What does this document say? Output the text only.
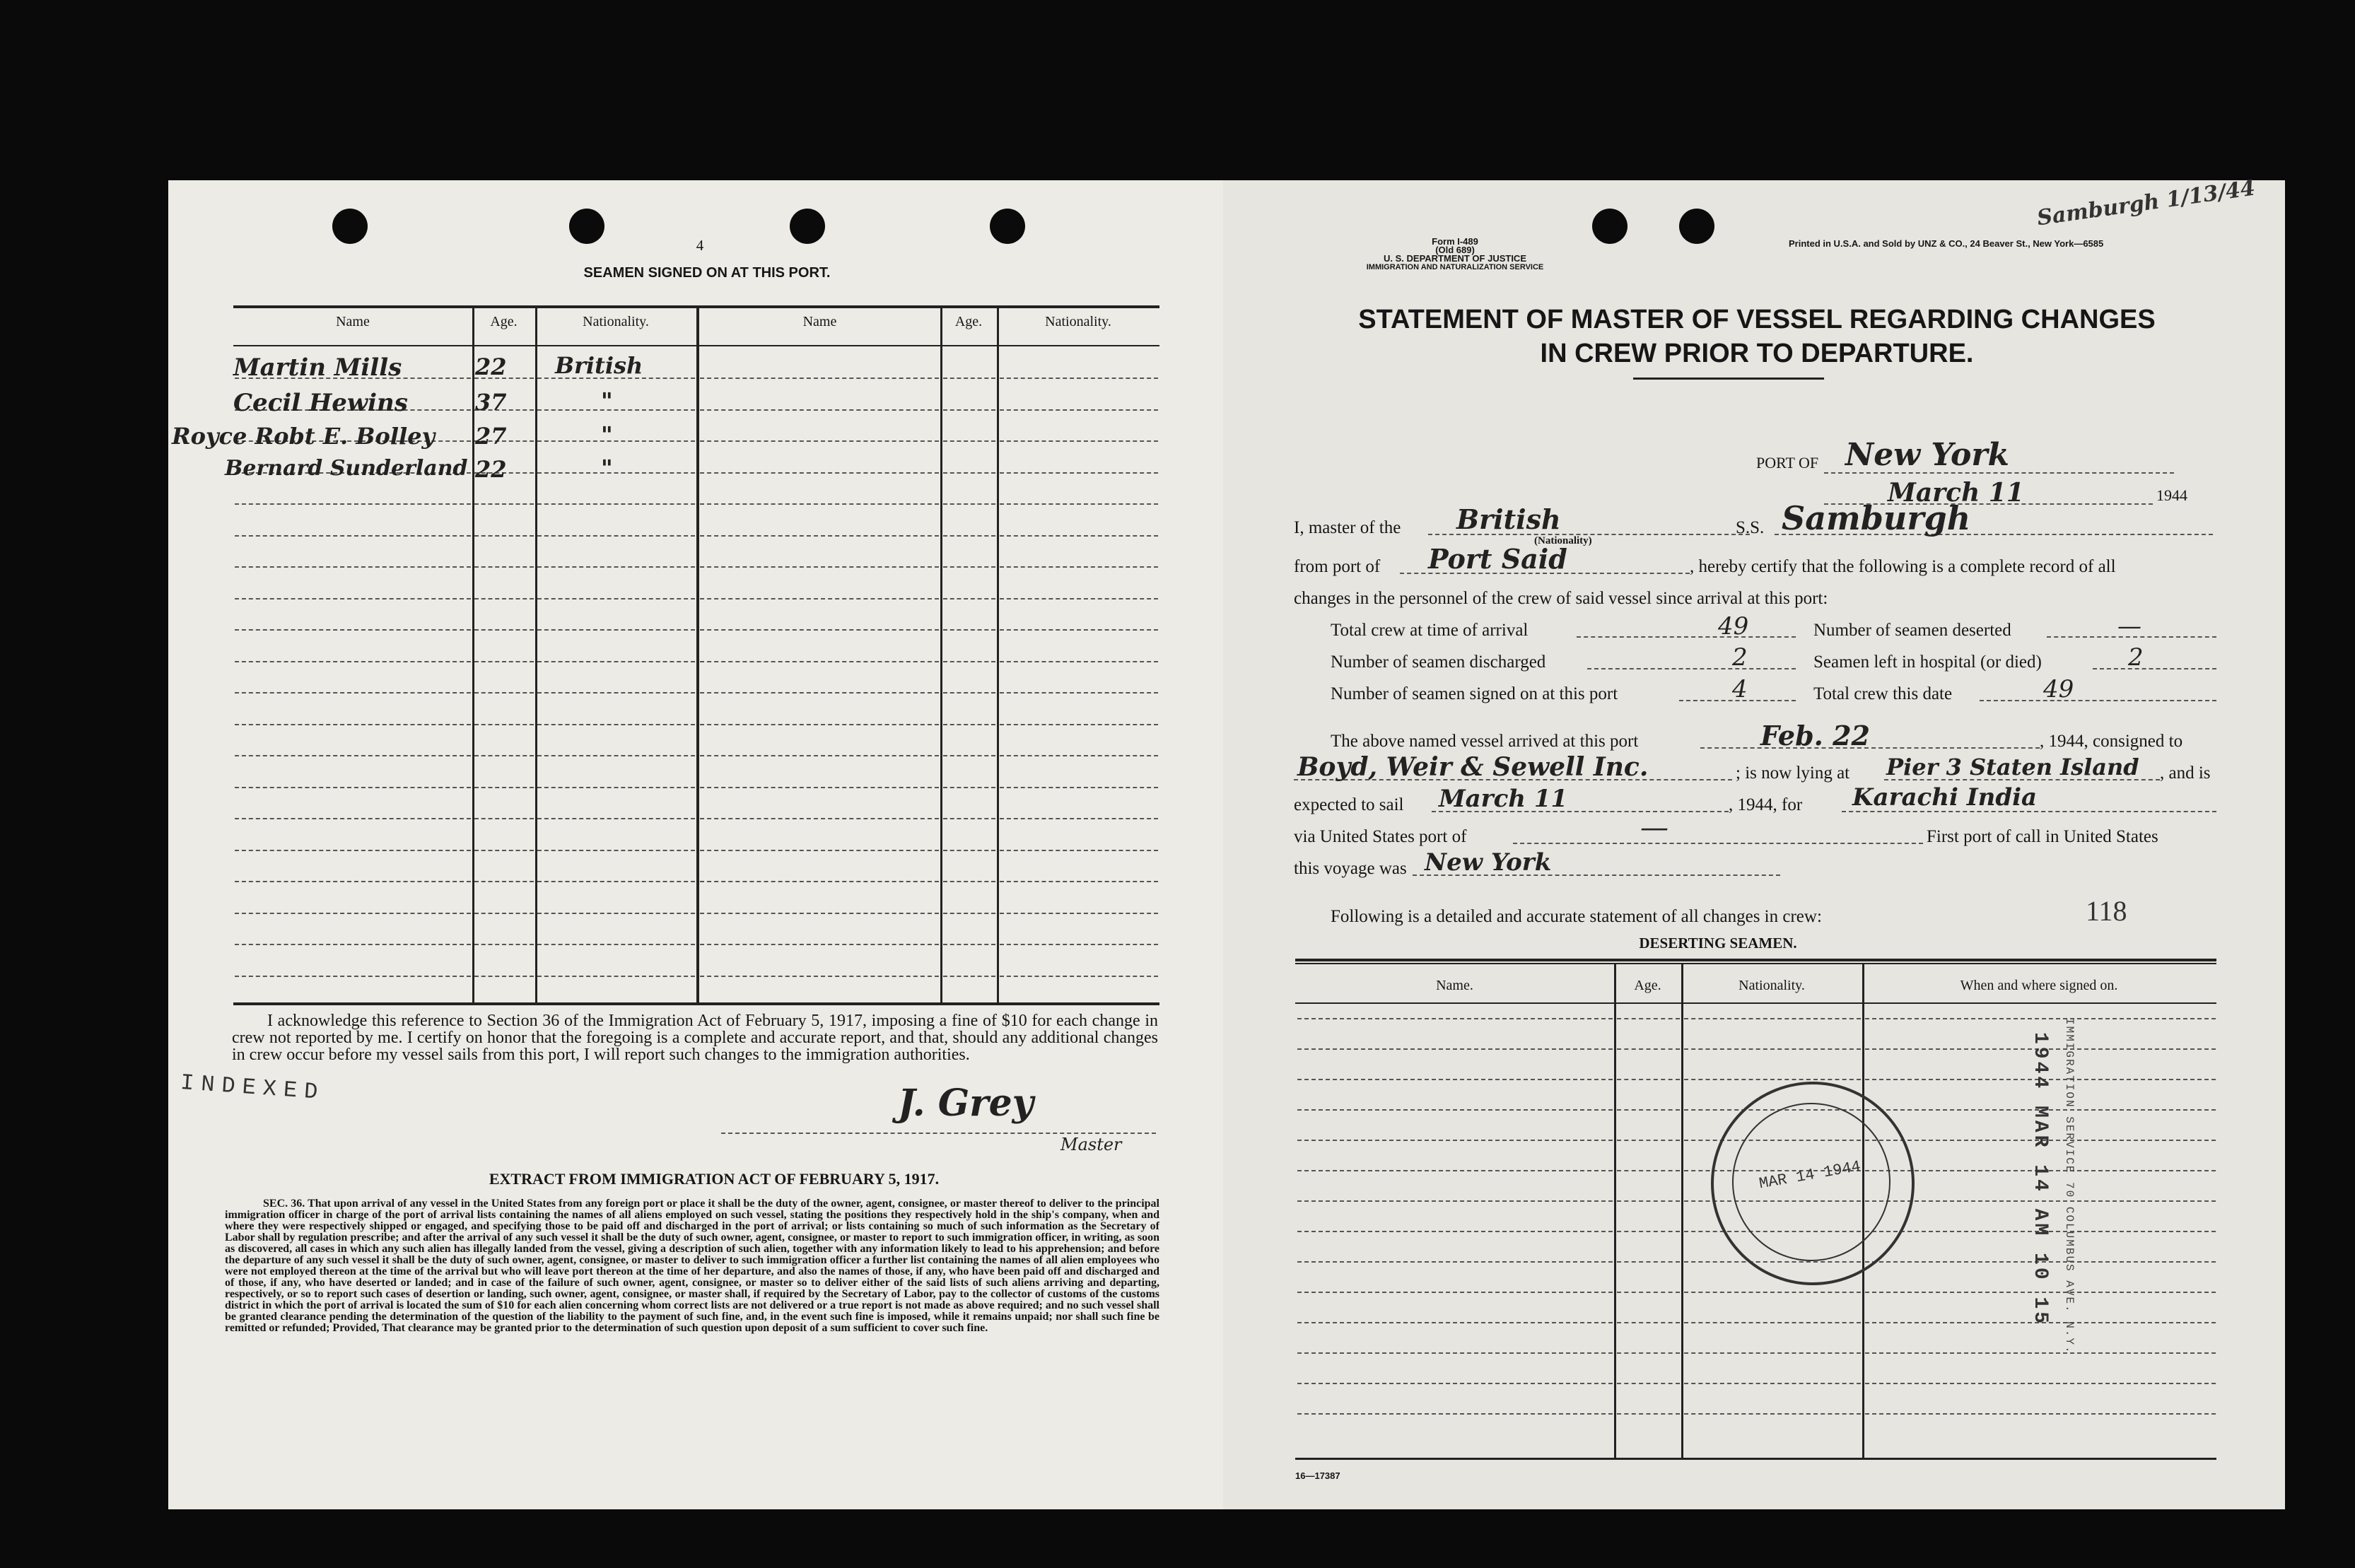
4
SEAMEN SIGNED ON AT THIS PORT.
Name	Age.	Nationality.	Name	Age.	Nationality.
Martin Mills	22 British
Cecil Hewins	37	"
Royce Robt E. Bolley 27	"
Bernard Sunderland 22	"
I acknowledge this reference to Section 36 of the Immigration Act of February 5, 1917, imposing a fine of $10 for each change in crew not reported by me. I certify on honor that the foregoing is a complete and accurate report, and that, should any additional changes in crew occur before my vessel sails from this port, I will report such changes to the immigration authorities.
INDEXED	J. Grey
Master
EXTRACT FROM IMMIGRATION ACT OF FEBRUARY 5, 1917.
SEC. 36. That upon arrival of any vessel in the United States from any foreign port or place it shall be the duty of the owner, agent, consignee, or master thereof to deliver to the principal immigration officer in charge of the port of arrival lists containing the names of all aliens employed on such vessel, stating the positions they respectively hold in the ship's company, when and where they were respectively shipped or engaged, and specifying those to be paid off and discharged in the port of arrival; or lists containing so much of such information as the Secretary of Labor shall by regulation prescribe; and after the arrival of any such vessel it shall be the duty of such owner, agent, consignee, or master to report to such immigration officer, in writing, as soon as discovered, all cases in which any such alien has illegally landed from the vessel, giving a description of such alien, together with any information likely to lead to his apprehension; and before the departure of any such vessel it shall be the duty of such owner, agent, consignee, or master to deliver to such immigration officer a further list containing the names of all alien employees who were not employed thereon at the time of the arrival but who will leave port thereon at the time of her departure, and also the names of those, if any, who have been paid off and discharged and of those, if any, who have deserted or landed; and in case of the failure of such owner, agent, consignee, or master so to deliver either of the said lists of such aliens arriving and departing, respectively, or so to report such cases of desertion or landing, such owner, agent, consignee, or master shall, if required by the Secretary of Labor, pay to the collector of customs of the customs district in which the port of arrival is located the sum of $10 for each alien concerning whom correct lists are not delivered or a true report is not made as above required; and no such vessel shall be granted clearance pending the determination of the question of the liability to the payment of such fine, and, in the event such fine is imposed, while it remains unpaid; nor shall such fine be remitted or refunded; Provided, That clearance may be granted prior to the determination of such question upon deposit of a sum sufficient to cover such fine.
Form I-489
(Old 689)
U. S. DEPARTMENT OF JUSTICE
IMMIGRATION AND NATURALIZATION SERVICE
Printed in U.S.A. and Sold by UNZ & CO., 24 Beaver St., New York—6585
Samburgh 1/13/44
STATEMENT OF MASTER OF VESSEL REGARDING CHANGES
IN CREW PRIOR TO DEPARTURE.
PORT OF New York
March 11	1944
I, master of the British
(Nationality)
S.S. Samburgh
from port of Port Said	, hereby certify that the following is a complete record of all
changes in the personnel of the crew of said vessel since arrival at this port:
Total crew at time of arrival	49	Number of seamen deserted	—
Number of seamen discharged	2	Seamen left in hospital (or died)	2
Number of seamen signed on at this port	4	Total crew this date	49
The above named vessel arrived at this port	Feb. 22	, 1944, consigned to
Boyd, Weir & Sewell Inc.	; is now lying at Pier 3 Staten Island , and is
expected to sail March 11	, 1944, for Karachi India
via United States port of	—	First port of call in United States
this voyage was New York
Following is a detailed and accurate statement of all changes in crew:	118
DESERTING SEAMEN.
Name.	Age.	Nationality.	When and where signed on.
1944 MAR 14 AM 10 15 IMMIGRATION SERVICE 70 COLUMBUS AVE. N.Y.
MAR 14 1944
16—17387
